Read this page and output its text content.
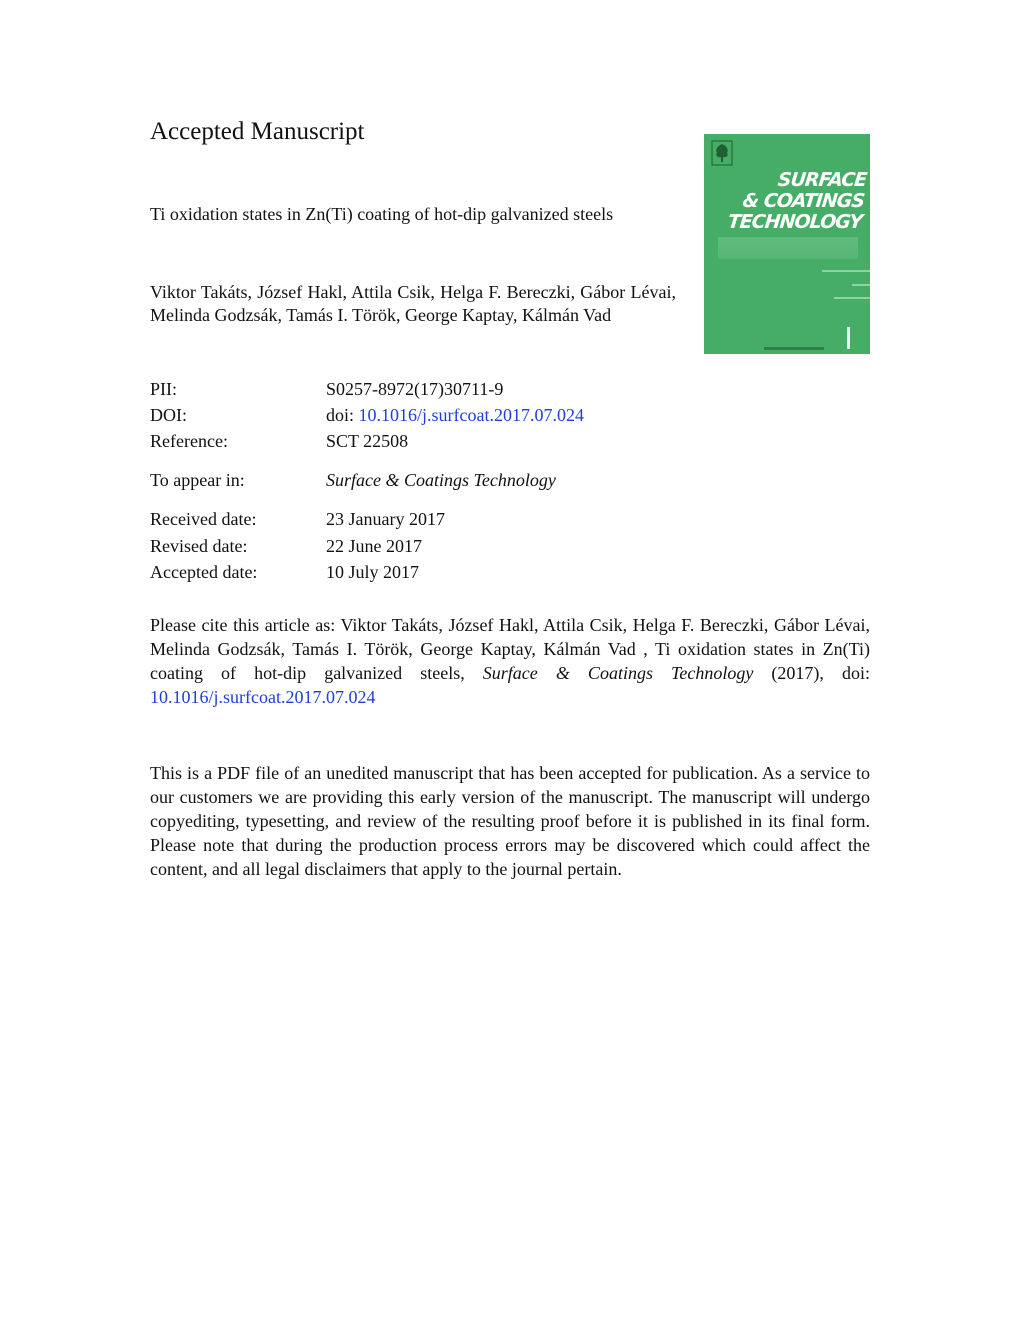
Accepted Manuscript
Ti oxidation states in Zn(Ti) coating of hot-dip galvanized steels
Viktor Takáts, József Hakl, Attila Csik, Helga F. Bereczki, Gábor Lévai, Melinda Godzsák, Tamás I. Török, George Kaptay, Kálmán Vad
SURFACE
& COATINGS
TECHNOLOGY
PII:	S0257-8972(17)30711-9
DOI:	doi: 10.1016/j.surfcoat.2017.07.024
Reference:	SCT 22508
To appear in:	Surface & Coatings Technology
Received date:	23 January 2017
Revised date:	22 June 2017
Accepted date:	10 July 2017
Please cite this article as: Viktor Takáts, József Hakl, Attila Csik, Helga F. Bereczki, Gábor Lévai, Melinda Godzsák, Tamás I. Török, George Kaptay, Kálmán Vad , Ti oxidation states in Zn(Ti) coating of hot-dip galvanized steels, Surface & Coatings Technology (2017), doi: 10.1016/j.surfcoat.2017.07.024
This is a PDF file of an unedited manuscript that has been accepted for publication. As a service to our customers we are providing this early version of the manuscript. The manuscript will undergo copyediting, typesetting, and review of the resulting proof before it is published in its final form. Please note that during the production process errors may be discovered which could affect the content, and all legal disclaimers that apply to the journal pertain.
